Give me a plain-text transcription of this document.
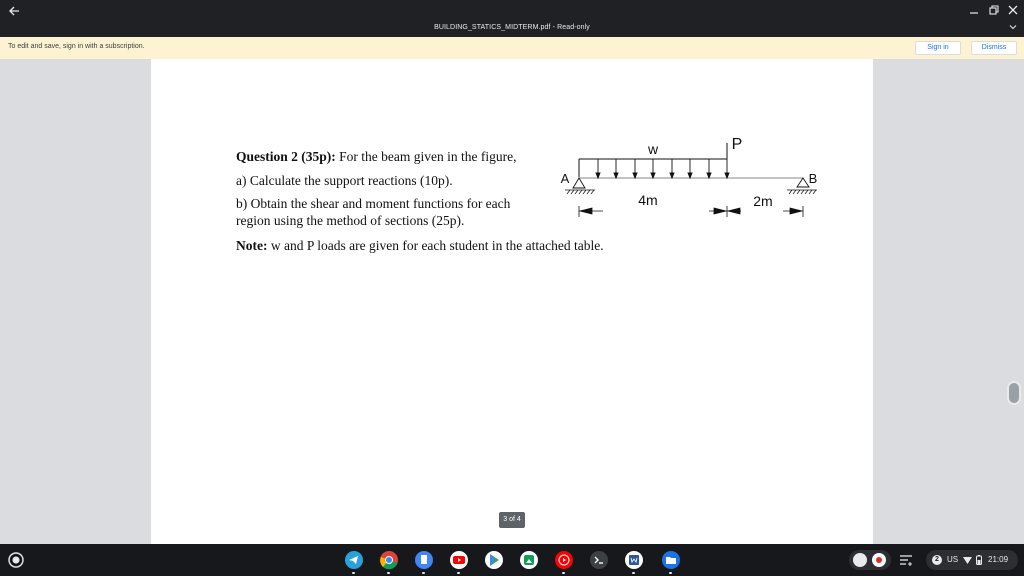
BUILDING_STATICS_MIDTERM.pdf - Read-only
To edit and save, sign in with a subscription.	Sign in	Dismiss
Question 2 (35p): For the beam given in the figure,
a) Calculate the support reactions (10p).
b) Obtain the shear and moment functions for each
region using the method of sections (25p).
Note: w and P loads are given for each student in the attached table.
w	P
A	B
4m	2m
3 of 4
2	US	21:09
